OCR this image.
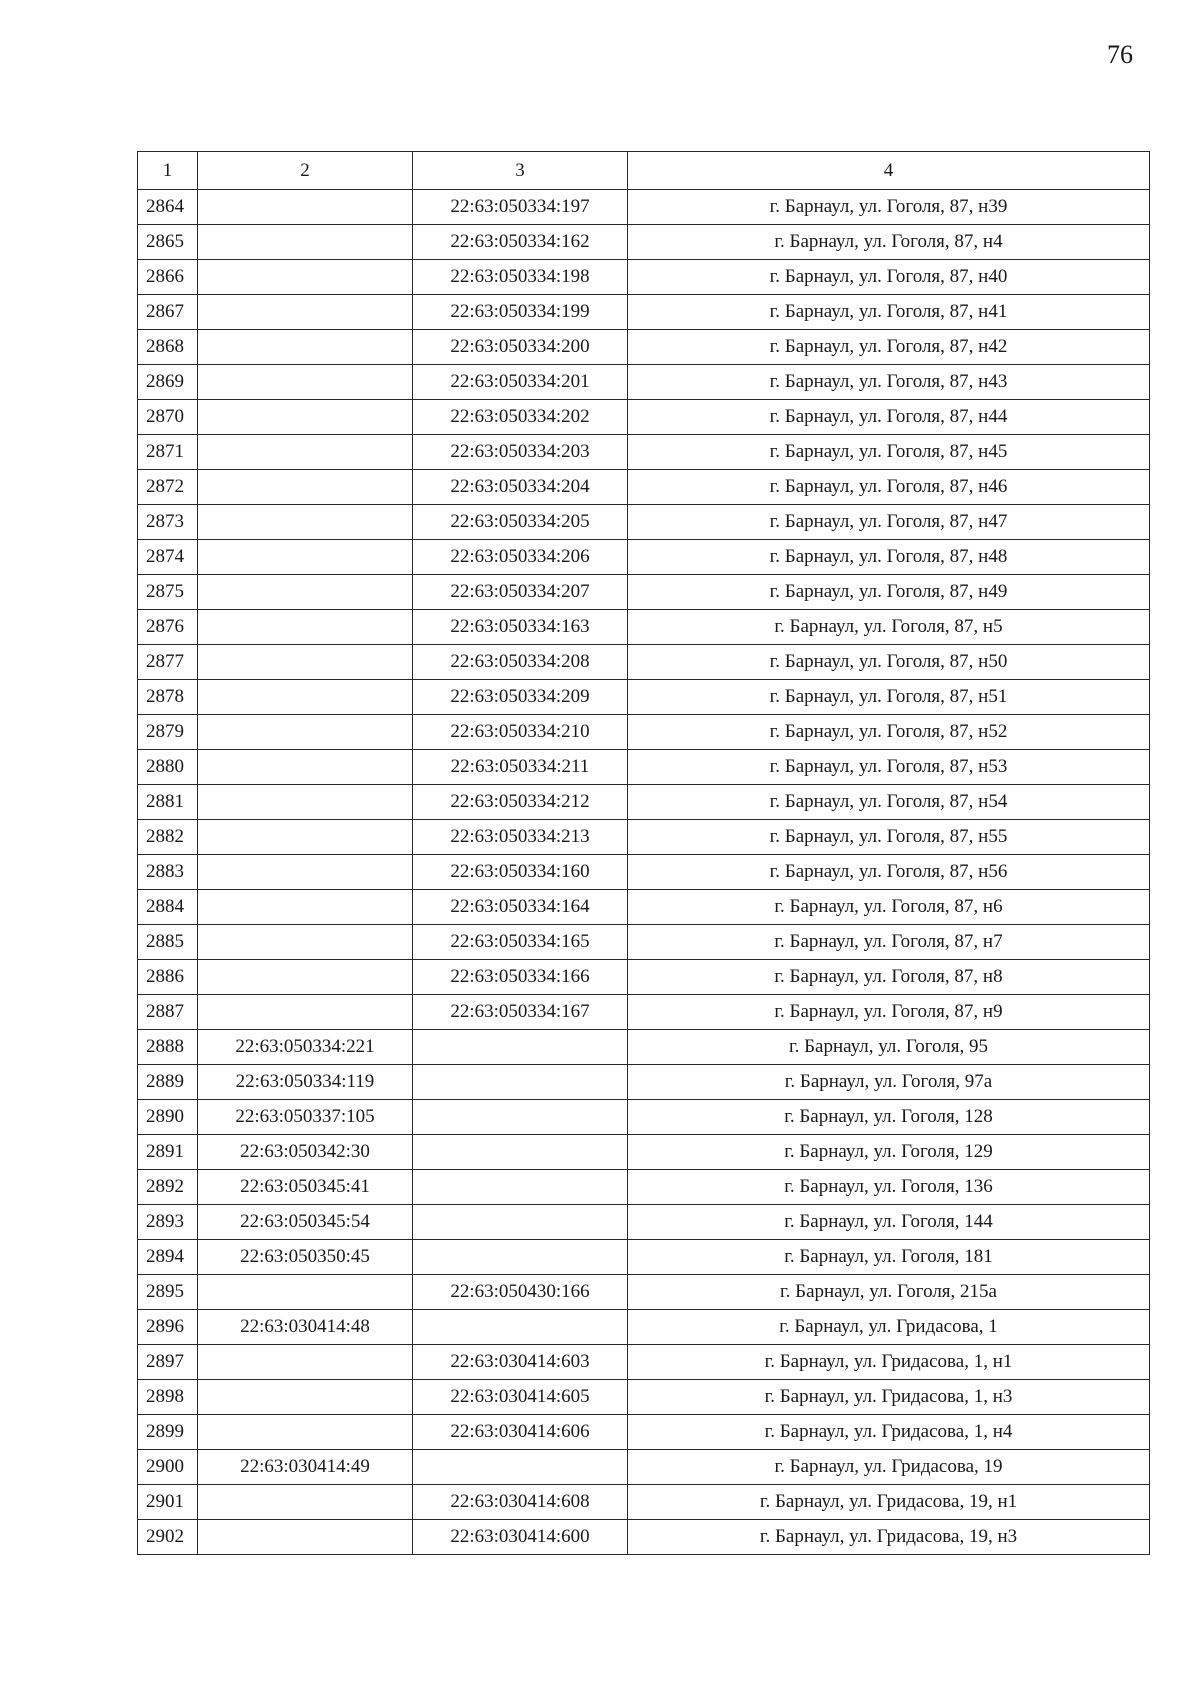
76
1	2	3	4
2864		22:63:050334:197	г. Барнаул, ул. Гоголя, 87, н39
2865		22:63:050334:162	г. Барнаул, ул. Гоголя, 87, н4
2866		22:63:050334:198	г. Барнаул, ул. Гоголя, 87, н40
2867		22:63:050334:199	г. Барнаул, ул. Гоголя, 87, н41
2868		22:63:050334:200	г. Барнаул, ул. Гоголя, 87, н42
2869		22:63:050334:201	г. Барнаул, ул. Гоголя, 87, н43
2870		22:63:050334:202	г. Барнаул, ул. Гоголя, 87, н44
2871		22:63:050334:203	г. Барнаул, ул. Гоголя, 87, н45
2872		22:63:050334:204	г. Барнаул, ул. Гоголя, 87, н46
2873		22:63:050334:205	г. Барнаул, ул. Гоголя, 87, н47
2874		22:63:050334:206	г. Барнаул, ул. Гоголя, 87, н48
2875		22:63:050334:207	г. Барнаул, ул. Гоголя, 87, н49
2876		22:63:050334:163	г. Барнаул, ул. Гоголя, 87, н5
2877		22:63:050334:208	г. Барнаул, ул. Гоголя, 87, н50
2878		22:63:050334:209	г. Барнаул, ул. Гоголя, 87, н51
2879		22:63:050334:210	г. Барнаул, ул. Гоголя, 87, н52
2880		22:63:050334:211	г. Барнаул, ул. Гоголя, 87, н53
2881		22:63:050334:212	г. Барнаул, ул. Гоголя, 87, н54
2882		22:63:050334:213	г. Барнаул, ул. Гоголя, 87, н55
2883		22:63:050334:160	г. Барнаул, ул. Гоголя, 87, н56
2884		22:63:050334:164	г. Барнаул, ул. Гоголя, 87, н6
2885		22:63:050334:165	г. Барнаул, ул. Гоголя, 87, н7
2886		22:63:050334:166	г. Барнаул, ул. Гоголя, 87, н8
2887		22:63:050334:167	г. Барнаул, ул. Гоголя, 87, н9
2888	22:63:050334:221		г. Барнаул, ул. Гоголя, 95
2889	22:63:050334:119		г. Барнаул, ул. Гоголя, 97а
2890	22:63:050337:105		г. Барнаул, ул. Гоголя, 128
2891	22:63:050342:30		г. Барнаул, ул. Гоголя, 129
2892	22:63:050345:41		г. Барнаул, ул. Гоголя, 136
2893	22:63:050345:54		г. Барнаул, ул. Гоголя, 144
2894	22:63:050350:45		г. Барнаул, ул. Гоголя, 181
2895		22:63:050430:166	г. Барнаул, ул. Гоголя, 215а
2896	22:63:030414:48		г. Барнаул, ул. Гридасова, 1
2897		22:63:030414:603	г. Барнаул, ул. Гридасова, 1, н1
2898		22:63:030414:605	г. Барнаул, ул. Гридасова, 1, н3
2899		22:63:030414:606	г. Барнаул, ул. Гридасова, 1, н4
2900	22:63:030414:49		г. Барнаул, ул. Гридасова, 19
2901		22:63:030414:608	г. Барнаул, ул. Гридасова, 19, н1
2902		22:63:030414:600	г. Барнаул, ул. Гридасова, 19, н3
